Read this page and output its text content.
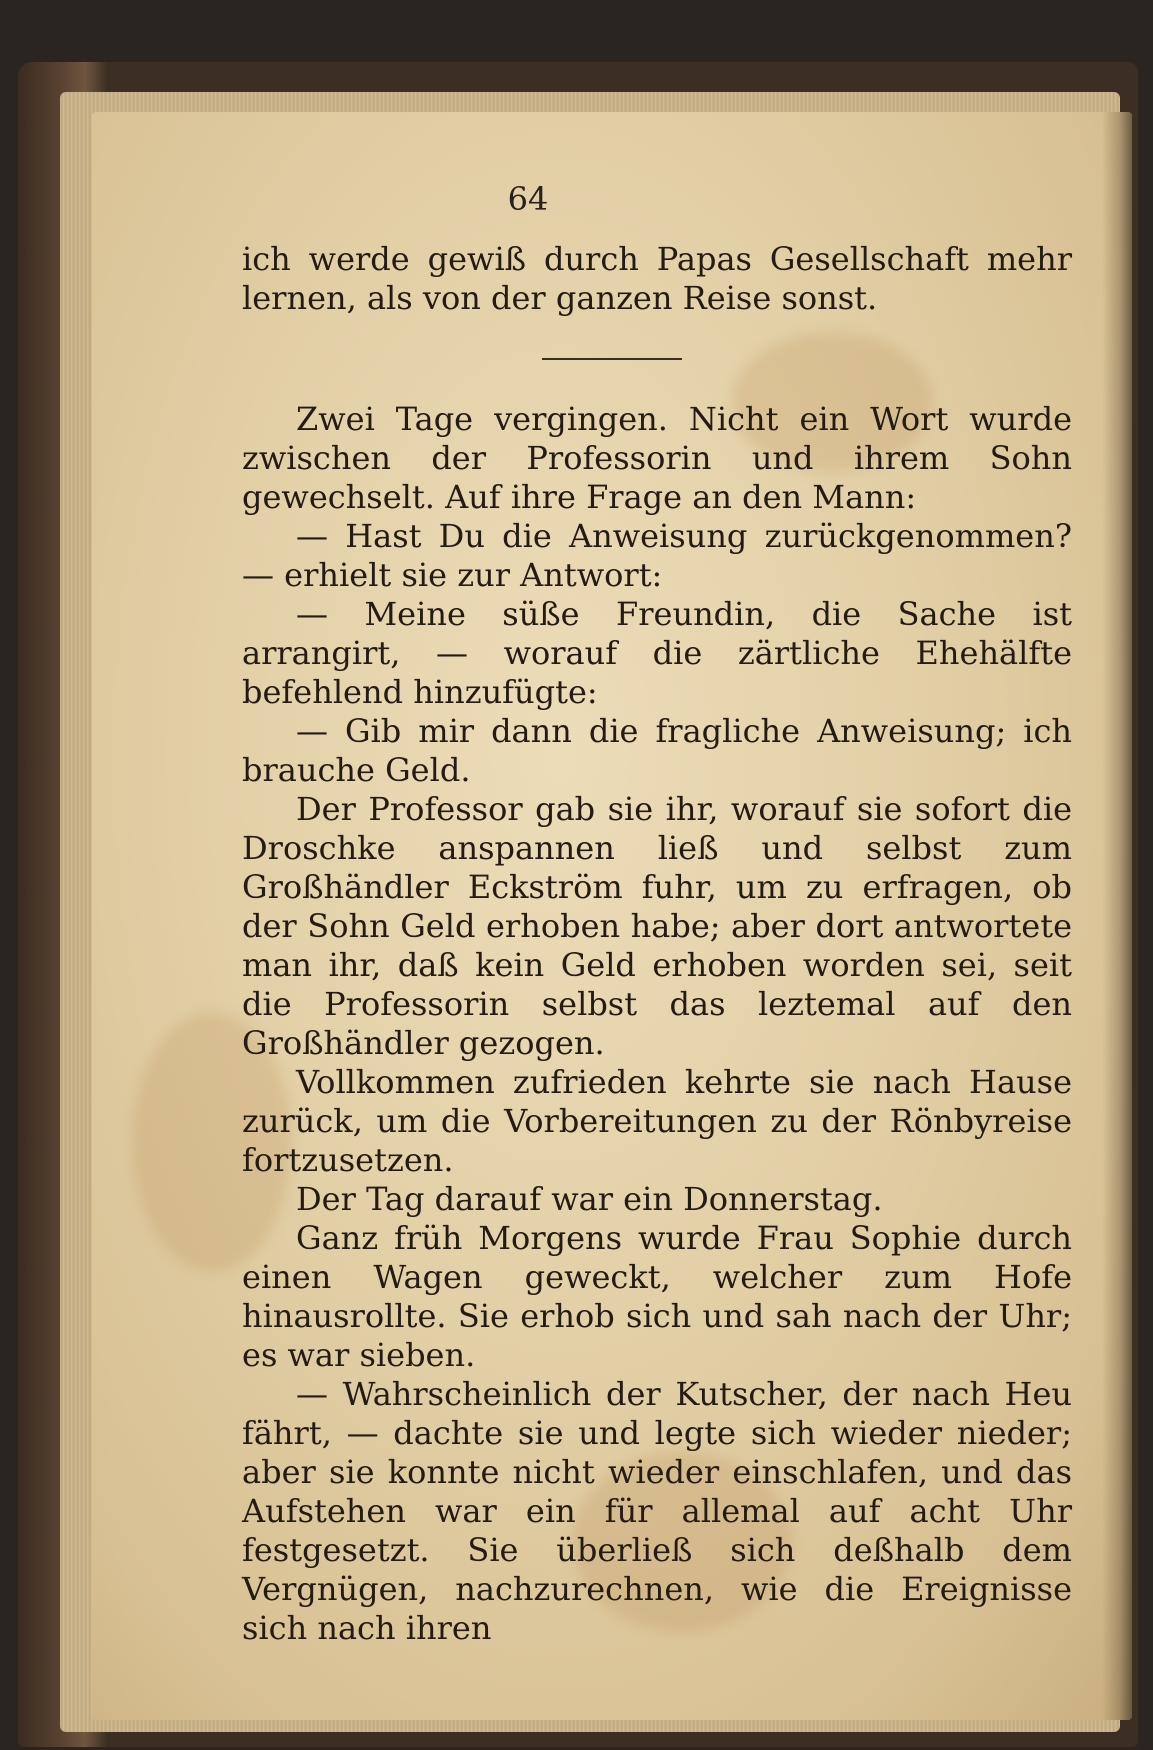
64

ich werde gewiß durch Papas Gesellschaft mehr lernen, als von der ganzen Reise sonst.

Zwei Tage vergingen. Nicht ein Wort wurde zwischen der Professorin und ihrem Sohn gewechselt. Auf ihre Frage an den Mann:

— Hast Du die Anweisung zurückgenommen? — erhielt sie zur Antwort:

— Meine süße Freundin, die Sache ist arrangirt, — worauf die zärtliche Ehehälfte befehlend hinzufügte:

— Gib mir dann die fragliche Anweisung; ich brauche Geld.

Der Professor gab sie ihr, worauf sie sofort die Droschke anspannen ließ und selbst zum Großhändler Eckström fuhr, um zu erfragen, ob der Sohn Geld erhoben habe; aber dort antwortete man ihr, daß kein Geld erhoben worden sei, seit die Professorin selbst das leztemal auf den Großhändler gezogen.

Vollkommen zufrieden kehrte sie nach Hause zurück, um die Vorbereitungen zu der Rönbyreise fortzusetzen.

Der Tag darauf war ein Donnerstag.

Ganz früh Morgens wurde Frau Sophie durch einen Wagen geweckt, welcher zum Hofe hinausrollte. Sie erhob sich und sah nach der Uhr; es war sieben.

— Wahrscheinlich der Kutscher, der nach Heu fährt, — dachte sie und legte sich wieder nieder; aber sie konnte nicht wieder einschlafen, und das Aufstehen war ein für allemal auf acht Uhr festgesetzt. Sie überließ sich deßhalb dem Vergnügen, nachzurechnen, wie die Ereignisse sich nach ihren
